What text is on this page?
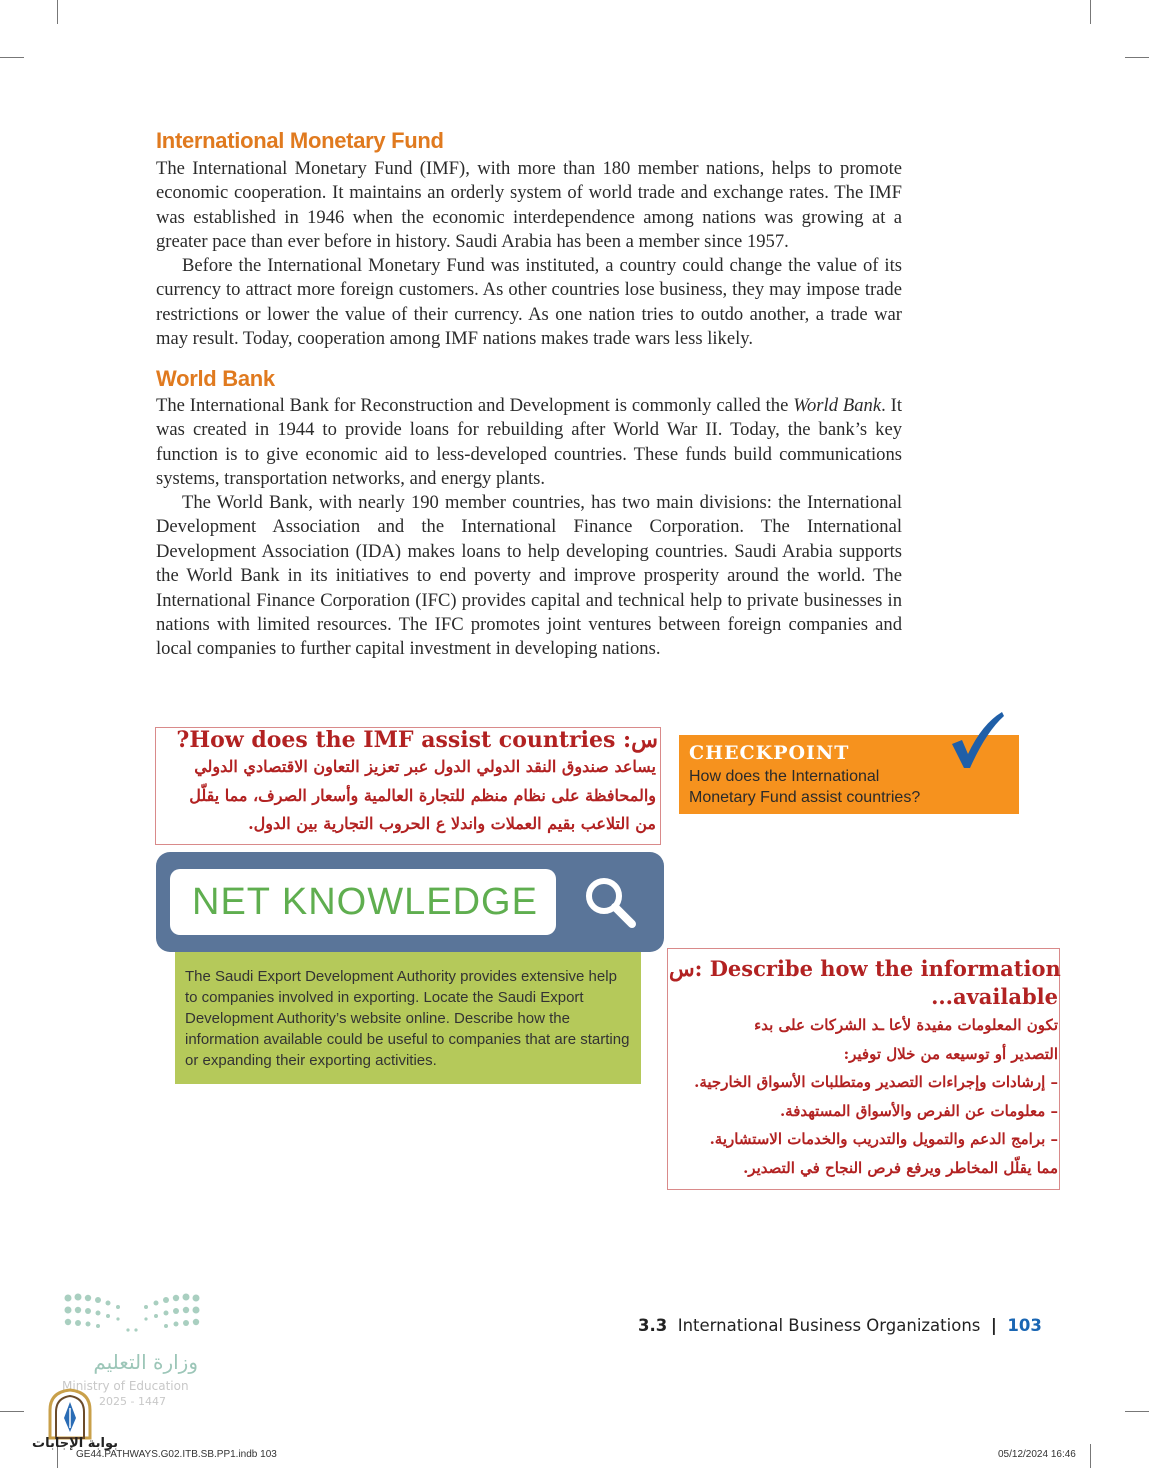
International Monetary Fund

The International Monetary Fund (IMF), with more than 180 member nations, helps to promote economic cooperation. It maintains an orderly system of world trade and exchange rates. The IMF was established in 1946 when the economic interdependence among nations was growing at a greater pace than ever before in history. Saudi Arabia has been a member since 1957.

Before the International Monetary Fund was instituted, a country could change the value of its currency to attract more foreign customers. As other countries lose business, they may impose trade restrictions or lower the value of their currency. As one nation tries to outdo another, a trade war may result. Today, cooperation among IMF nations makes trade wars less likely.

World Bank

The International Bank for Reconstruction and Development is commonly called the World Bank. It was created in 1944 to provide loans for rebuilding after World War II. Today, the bank’s key function is to give economic aid to less-developed countries. These funds build communications systems, transportation networks, and energy plants.

The World Bank, with nearly 190 member countries, has two main divisions: the International Development Association and the International Finance Corporation. The International Development Association (IDA) makes loans to help developing countries. Saudi Arabia supports the World Bank in its initiatives to end poverty and improve prosperity around the world. The International Finance Corporation (IFC) provides capital and technical help to private businesses in nations with limited resources. The IFC promotes joint ventures between foreign companies and local companies to further capital investment in developing nations.

س: How does the IMF assist countries?
يساعد صندوق النقد الدولي الدول عبر تعزيز التعاون الاقتصادي الدولي والمحافظة على نظام منظم للتجارة العالمية وأسعار الصرف، مما يقلّل من التلاعب بقيم العملات واندلا ع الحروب التجارية بين الدول.
CHECKPOINT
How does the International
Monetary Fund assist countries?
NET KNOWLEDGE
The Saudi Export Development Authority provides extensive help to companies involved in exporting. Locate the Saudi Export Development Authority’s website online. Describe how the information available could be useful to companies that are starting or expanding their exporting activities.
س: Describe how the information
...available
تكون المعلومات مفيدة لأعا ـد الشركات على بدء
التصدير أو توسيعه من خلال توفير:
– إرشادات وإجراءات التصدير ومتطلبات الأسواق الخارجية.
– معلومات عن الفرص والأسواق المستهدفة.
– برامج الدعم والتمويل والتدريب والخدمات الاستشارية.
مما يقلّل المخاطر ويرفع فرص النجاح في التصدير.
3.3 International Business Organizations | 103
وزارة التعليم
Ministry of Education
2025 - 1447
بوابة الإجابات
GE44.PATHWAYS.G02.ITB.SB.PP1.indb 103	05/12/2024 16:46
